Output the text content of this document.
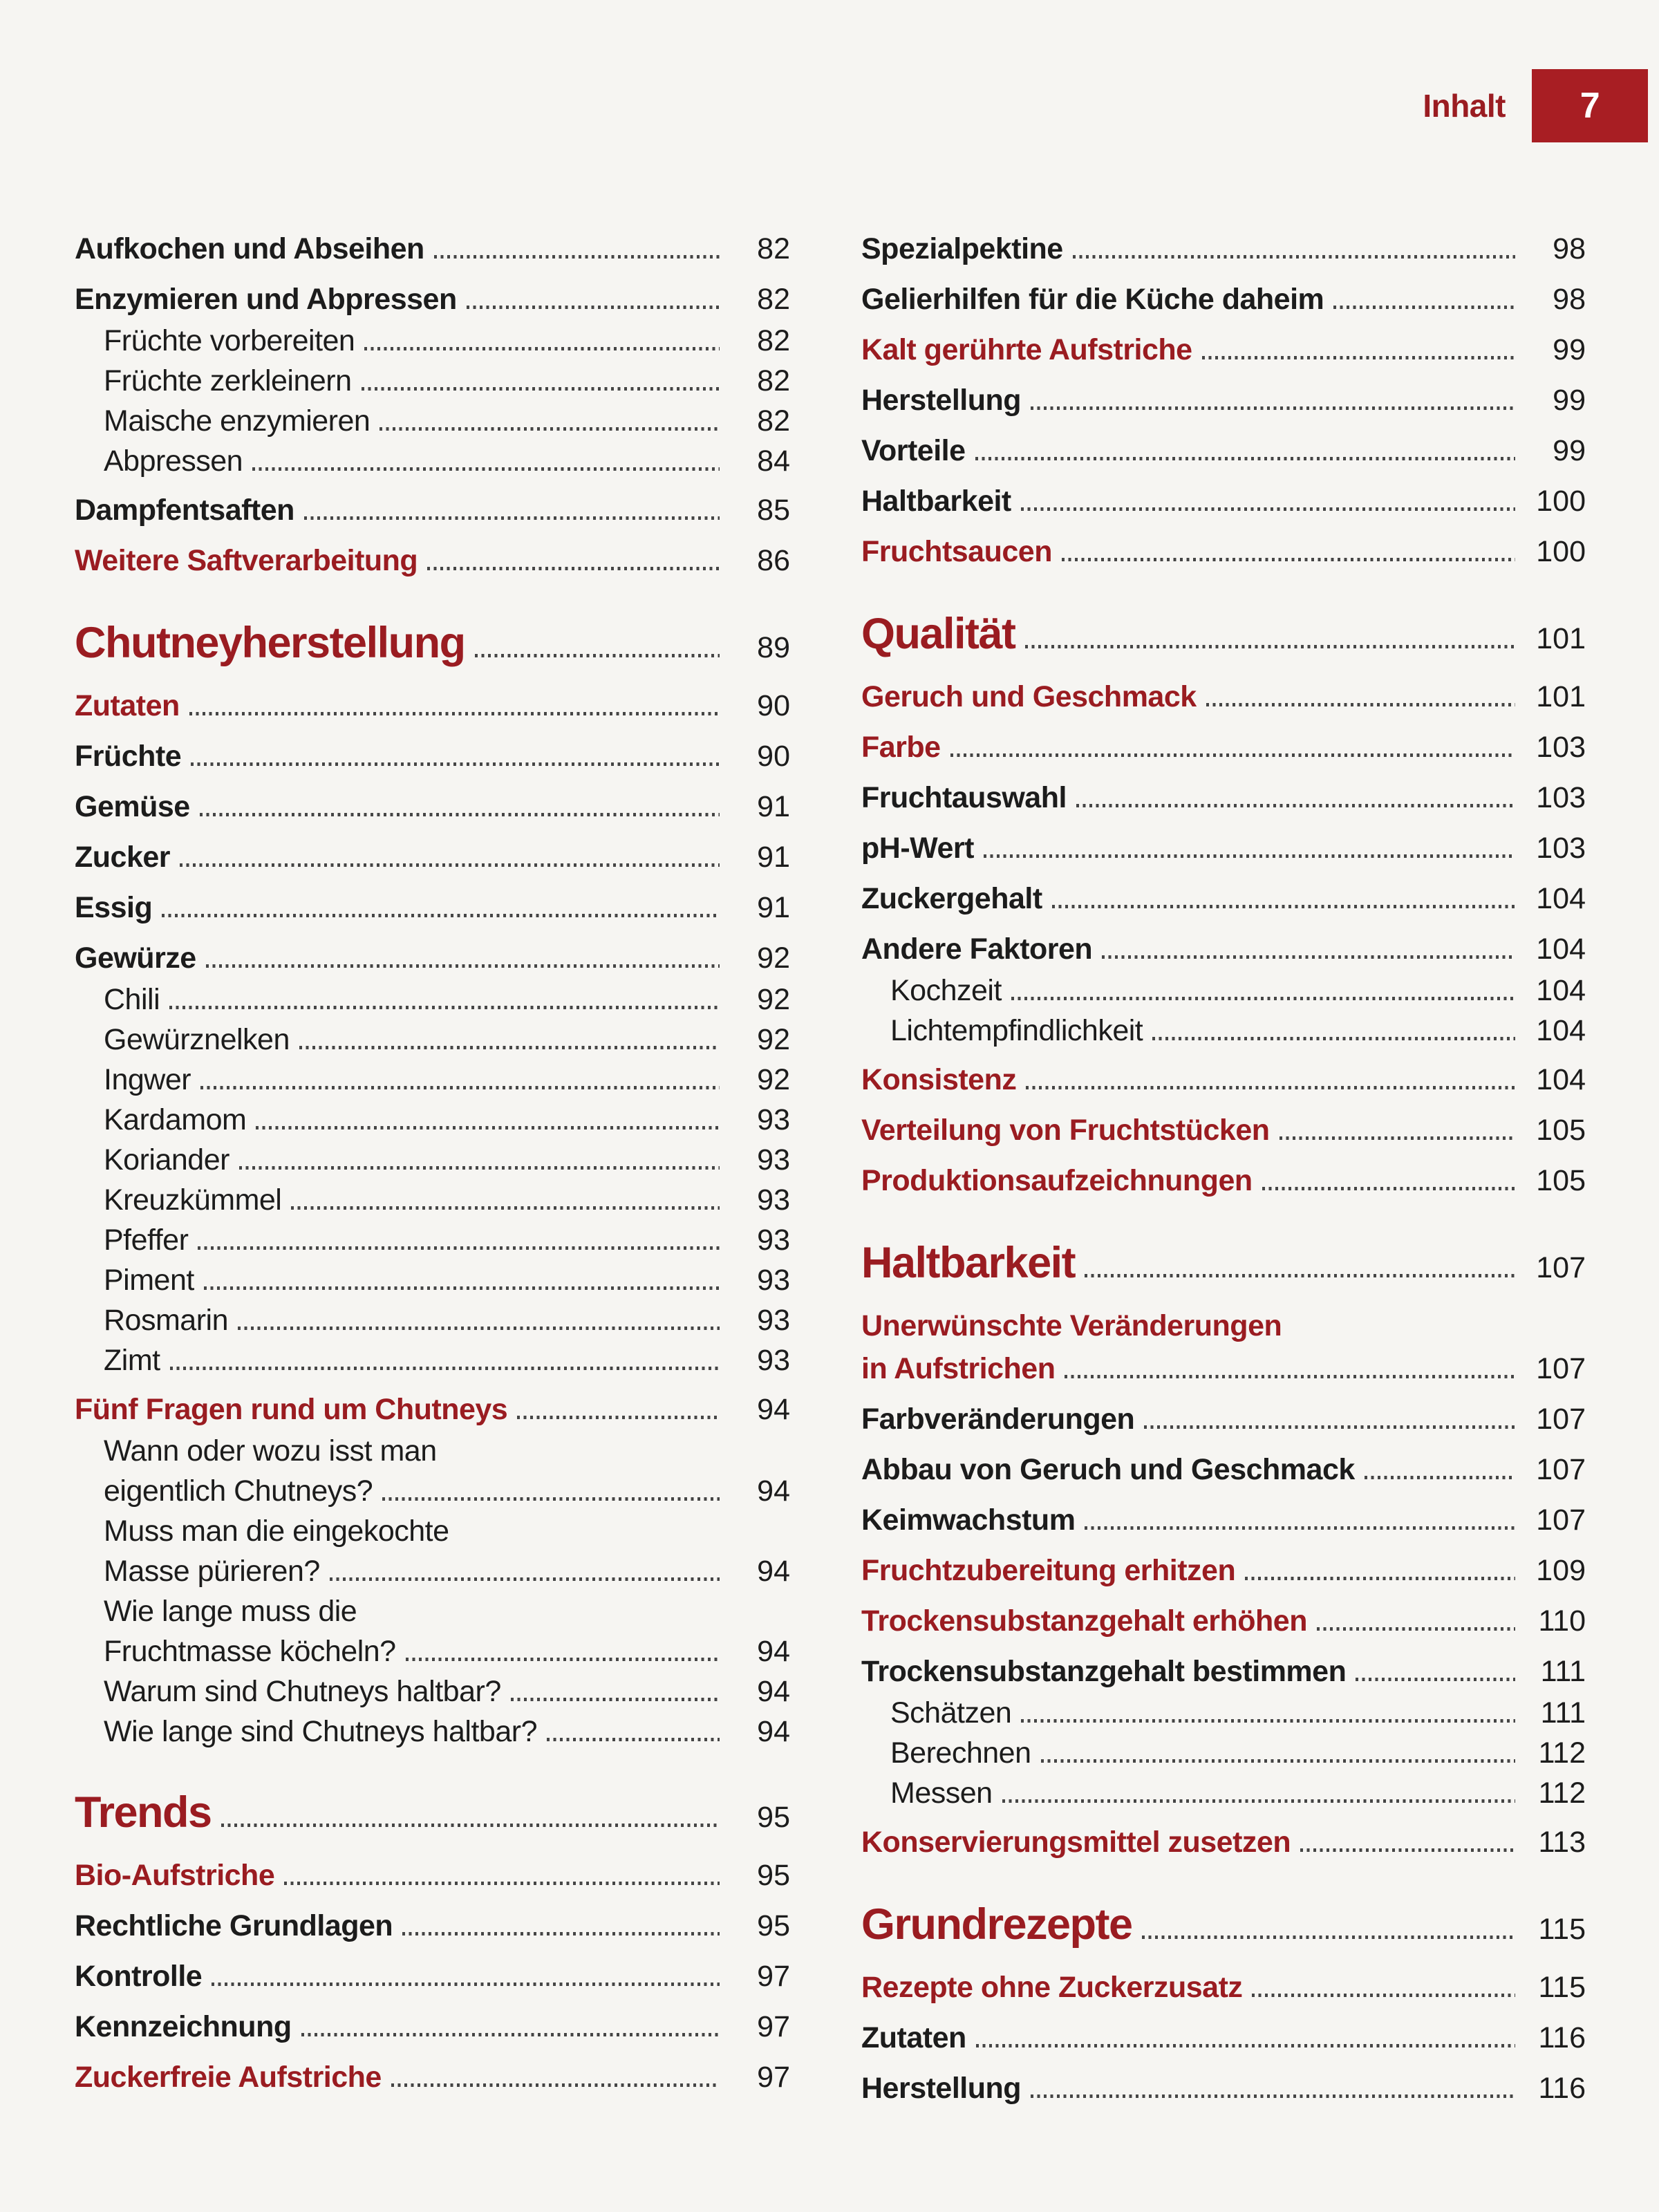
Inhalt 7
Aufkochen und Abseihen	82
Enzymieren und Abpressen	82
Früchte vorbereiten	82
Früchte zerkleinern	82
Maische enzymieren	82
Abpressen	84
Dampfentsaften	85
Weitere Saftverarbeitung	86
Chutneyherstellung	89
Zutaten	90
Früchte	90
Gemüse	91
Zucker	91
Essig	91
Gewürze	92
Chili	92
Gewürznelken	92
Ingwer	92
Kardamom	93
Koriander	93
Kreuzkümmel	93
Pfeffer	93
Piment	93
Rosmarin	93
Zimt	93
Fünf Fragen rund um Chutneys	94
Wann oder wozu isst man
eigentlich Chutneys?	94
Muss man die eingekochte
Masse pürieren?	94
Wie lange muss die
Fruchtmasse köcheln?	94
Warum sind Chutneys haltbar?	94
Wie lange sind Chutneys haltbar?	94
Trends	95
Bio-Aufstriche	95
Rechtliche Grundlagen	95
Kontrolle	97
Kennzeichnung	97
Zuckerfreie Aufstriche	97
Spezialpektine	98
Gelierhilfen für die Küche daheim	98
Kalt gerührte Aufstriche	99
Herstellung	99
Vorteile	99
Haltbarkeit	100
Fruchtsaucen	100
Qualität	101
Geruch und Geschmack	101
Farbe	103
Fruchtauswahl	103
pH-Wert	103
Zuckergehalt	104
Andere Faktoren	104
Kochzeit	104
Lichtempfindlichkeit	104
Konsistenz	104
Verteilung von Fruchtstücken	105
Produktionsaufzeichnungen	105
Haltbarkeit	107
Unerwünschte Veränderungen
in Aufstrichen	107
Farbveränderungen	107
Abbau von Geruch und Geschmack	107
Keimwachstum	107
Fruchtzubereitung erhitzen	109
Trockensubstanzgehalt erhöhen	110
Trockensubstanzgehalt bestimmen	111
Schätzen	111
Berechnen	112
Messen	112
Konservierungsmittel zusetzen	113
Grundrezepte	115
Rezepte ohne Zuckerzusatz	115
Zutaten	116
Herstellung	116
